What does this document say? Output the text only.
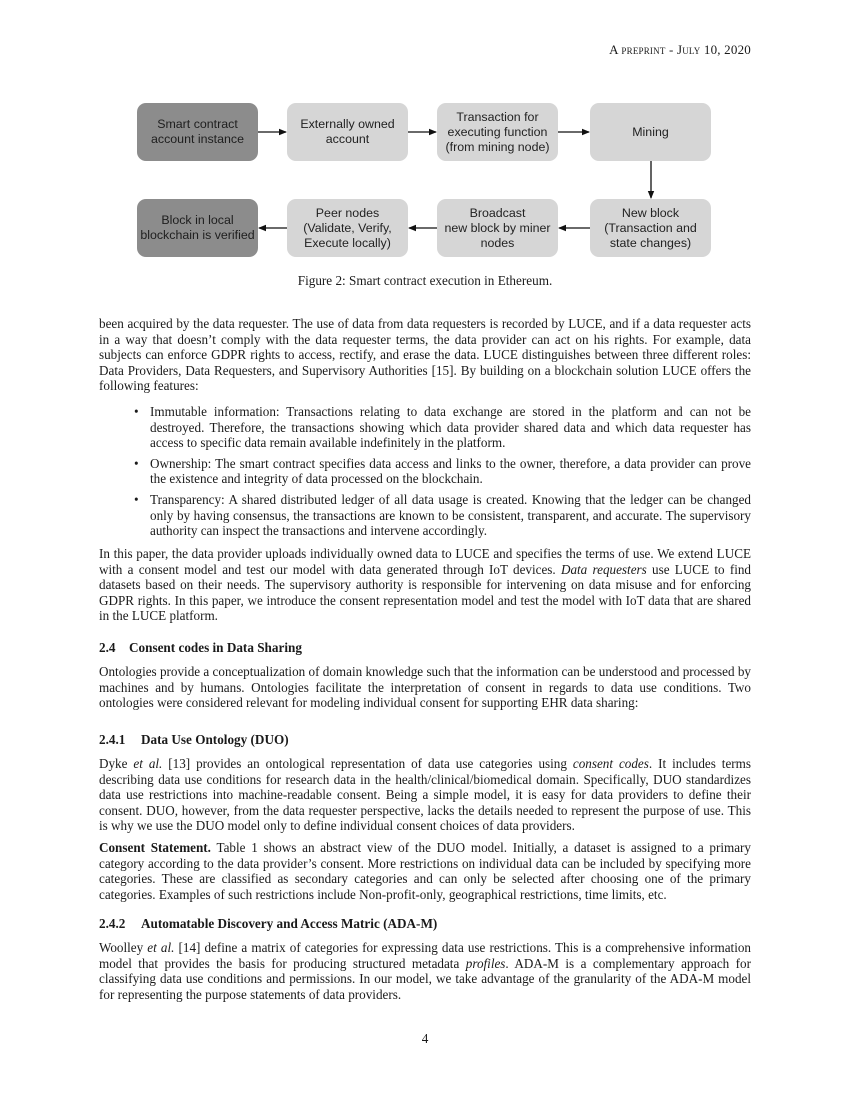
A preprint - July 10, 2020
Smart contract
account instance
Externally owned
account
Transaction for
executing function
(from mining node)
Mining
New block
(Transaction and
state changes)
Broadcast
new block by miner
nodes
Peer nodes
(Validate, Verify,
Execute locally)
Block in local
blockchain is verified
Figure 2: Smart contract execution in Ethereum.

been acquired by the data requester. The use of data from data requesters is recorded by LUCE, and if a data requester acts in a way that doesn’t comply with the data requester terms, the data provider can act on his rights. For example, data subjects can enforce GDPR rights to access, rectify, and erase the data. LUCE distinguishes between three different roles: Data Providers, Data Requesters, and Supervisory Authorities [15]. By building on a blockchain solution LUCE offers the following features:

• Immutable information: Transactions relating to data exchange are stored in the platform and can not be destroyed. Therefore, the transactions showing which data provider shared data and which data requester has access to specific data remain available indefinitely in the platform.
• Ownership: The smart contract specifies data access and links to the owner, therefore, a data provider can prove the existence and integrity of data processed on the blockchain.
• Transparency: A shared distributed ledger of all data usage is created. Knowing that the ledger can be changed only by having consensus, the transactions are known to be consistent, transparent, and accurate. The supervisory authority can inspect the transactions and intervene accordingly.

In this paper, the data provider uploads individually owned data to LUCE and specifies the terms of use. We extend LUCE with a consent model and test our model with data generated through IoT devices. Data requesters use LUCE to find datasets based on their needs. The supervisory authority is responsible for intervening on data misuse and for enforcing GDPR rights. In this paper, we introduce the consent representation model and test the model with IoT data that are shared in the LUCE platform.

2.4 Consent codes in Data Sharing

Ontologies provide a conceptualization of domain knowledge such that the information can be understood and processed by machines and by humans. Ontologies facilitate the interpretation of consent in regards to data use conditions. Two ontologies were considered relevant for modeling individual consent for supporting EHR data sharing:

2.4.1 Data Use Ontology (DUO)

Dyke et al. [13] provides an ontological representation of data use categories using consent codes. It includes terms describing data use conditions for research data in the health/clinical/biomedical domain. Specifically, DUO standardizes data use restrictions into machine-readable consent. Being a simple model, it is easy for data providers to define their consent. DUO, however, from the data requester perspective, lacks the details needed to represent the purpose of use. This is why we use the DUO model only to define individual consent choices of data providers.

Consent Statement. Table 1 shows an abstract view of the DUO model. Initially, a dataset is assigned to a primary category according to the data provider’s consent. More restrictions on individual data can be included by specifying more categories. These are classified as secondary categories and can only be selected after choosing one of the primary categories. Examples of such restrictions include Non-profit-only, geographical restrictions, time limits, etc.

2.4.2 Automatable Discovery and Access Matric (ADA-M)

Woolley et al. [14] define a matrix of categories for expressing data use restrictions. This is a comprehensive information model that provides the basis for producing structured metadata profiles. ADA-M is a complementary approach for classifying data use conditions and permissions. In our model, we take advantage of the granularity of the ADA-M model for representing the purpose statements of data providers.

4
